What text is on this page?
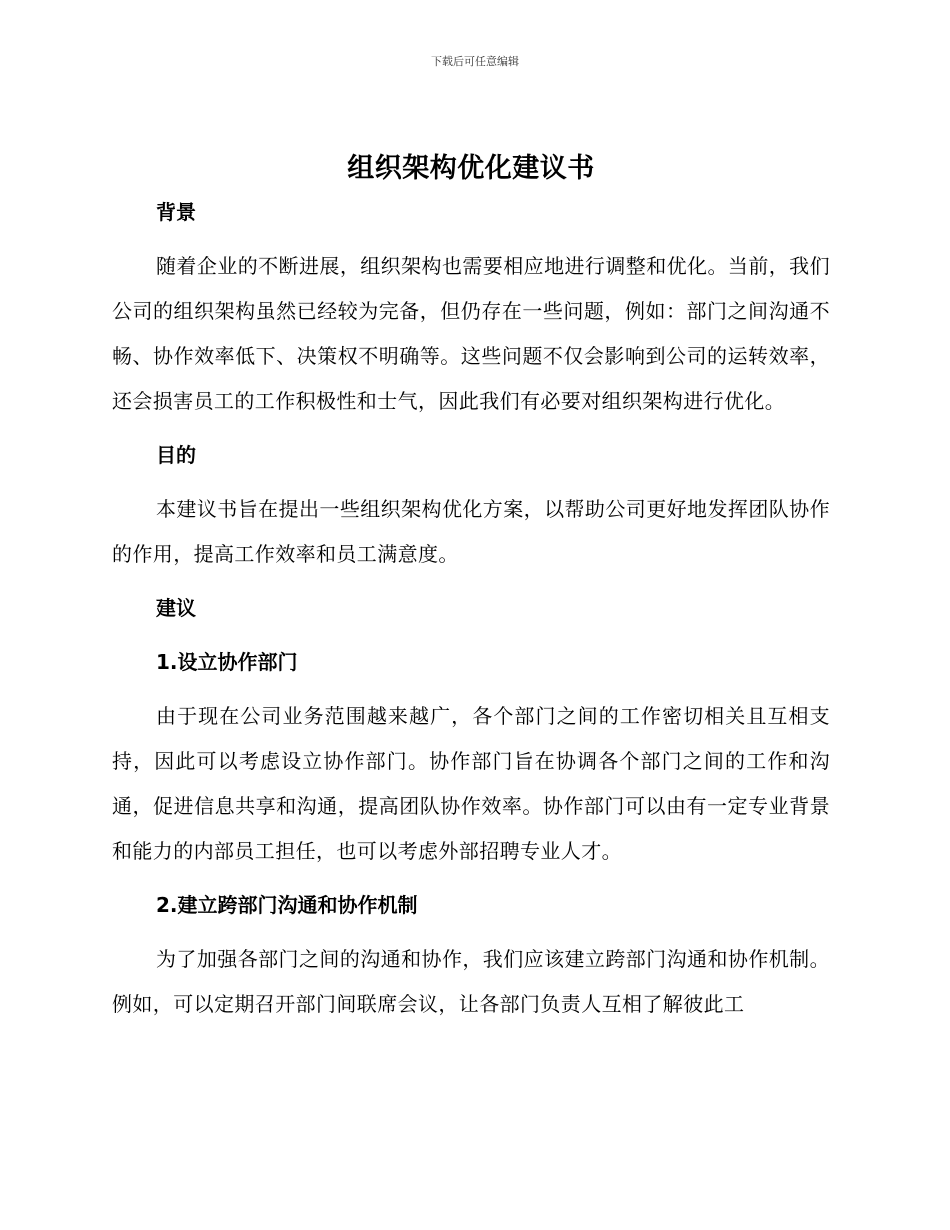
下载后可任意编辑
组织架构优化建议书
背景

随着企业的不断进展，组织架构也需要相应地进行调整和优化。当前，我们公司的组织架构虽然已经较为完备，但仍存在一些问题，例如：部门之间沟通不畅、协作效率低下、决策权不明确等。这些问题不仅会影响到公司的运转效率，还会损害员工的工作积极性和士气，因此我们有必要对组织架构进行优化。

目的

本建议书旨在提出一些组织架构优化方案，以帮助公司更好地发挥团队协作的作用，提高工作效率和员工满意度。

建议
1.设立协作部门

由于现在公司业务范围越来越广，各个部门之间的工作密切相关且互相支持，因此可以考虑设立协作部门。协作部门旨在协调各个部门之间的工作和沟通，促进信息共享和沟通，提高团队协作效率。协作部门可以由有一定专业背景和能力的内部员工担任，也可以考虑外部招聘专业人才。

2.建立跨部门沟通和协作机制

为了加强各部门之间的沟通和协作，我们应该建立跨部门沟通和协作机制。例如，可以定期召开部门间联席会议，让各部门负责人互相了解彼此工
